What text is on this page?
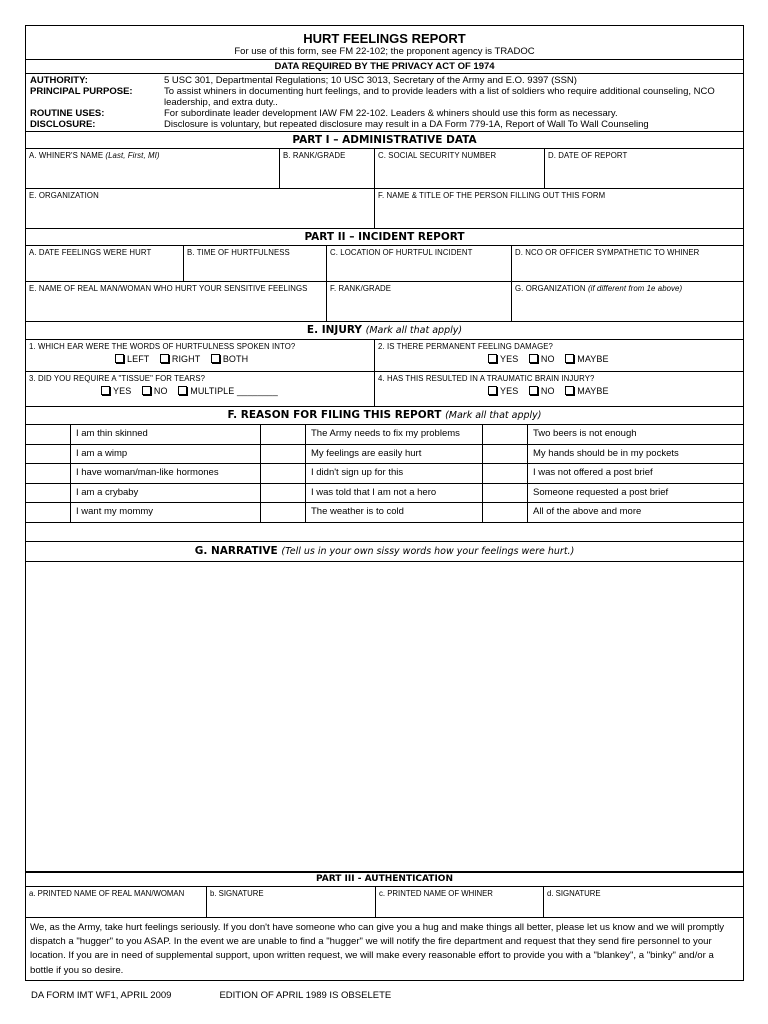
HURT FEELINGS REPORT
For use of this form, see FM 22-102; the proponent agency is TRADOC
DATA REQUIRED BY THE PRIVACY ACT OF 1974
AUTHORITY:	5 USC 301, Departmental Regulations; 10 USC 3013, Secretary of the Army and E.O. 9397 (SSN)
PRINCIPAL PURPOSE:	To assist whiners in documenting hurt feelings, and to provide leaders with a list of soldiers who require additional counseling, NCO leadership, and extra duty..
ROUTINE USES:	For subordinate leader development IAW FM 22-102. Leaders & whiners should use this form as necessary.
DISCLOSURE:	Disclosure is voluntary, but repeated disclosure may result in a DA Form 779-1A, Report of Wall To Wall Counseling
PART I – ADMINISTRATIVE DATA
A. WHINER'S NAME (Last, First, MI)	B. RANK/GRADE	C. SOCIAL SECURITY NUMBER	D. DATE OF REPORT
E. ORGANIZATION	F. NAME & TITLE OF THE PERSON FILLING OUT THIS FORM
PART II – INCIDENT REPORT
A. DATE FEELINGS WERE HURT	B. TIME OF HURTFULNESS	C. LOCATION OF HURTFUL INCIDENT	D. NCO OR OFFICER SYMPATHETIC TO WHINER
E. NAME OF REAL MAN/WOMAN WHO HURT YOUR SENSITIVE FEELINGS	F. RANK/GRADE	G. ORGANIZATION (if different from 1e above)
E. INJURY (Mark all that apply)
1. WHICH EAR WERE THE WORDS OF HURTFULNESS SPOKEN INTO?
LEFT	RIGHT	BOTH
2. IS THERE PERMANENT FEELING DAMAGE?
YES	NO	MAYBE
3. DID YOU REQUIRE A "TISSUE" FOR TEARS?
YES	NO	MULTIPLE ________
4. HAS THIS RESULTED IN A TRAUMATIC BRAIN INJURY?
YES	NO	MAYBE
F. REASON FOR FILING THIS REPORT (Mark all that apply)
I am thin skinned	The Army needs to fix my problems	Two beers is not enough
I am a wimp	My feelings are easily hurt	My hands should be in my pockets
I have woman/man-like hormones	I didn't sign up for this	I was not offered a post brief
I am a crybaby	I was told that I am not a hero	Someone requested a post brief
I want my mommy	The weather is to cold	All of the above and more
G. NARRATIVE (Tell us in your own sissy words how your feelings were hurt.)
PART III - AUTHENTICATION
a. PRINTED NAME OF REAL MAN/WOMAN	b. SIGNATURE	c. PRINTED NAME OF WHINER	d. SIGNATURE
We, as the Army, take hurt feelings seriously. If you don't have someone who can give you a hug and make things all better, please let us know and we will promptly dispatch a "hugger" to you ASAP. In the event we are unable to find a "hugger" we will notify the fire department and request that they send fire personnel to your location. If you are in need of supplemental support, upon written request, we will make every reasonable effort to provide you with a "blankey", a "binky" and/or a bottle if you so desire.
DA FORM IMT WF1, APRIL 2009	EDITION OF APRIL 1989 IS OBSELETE
